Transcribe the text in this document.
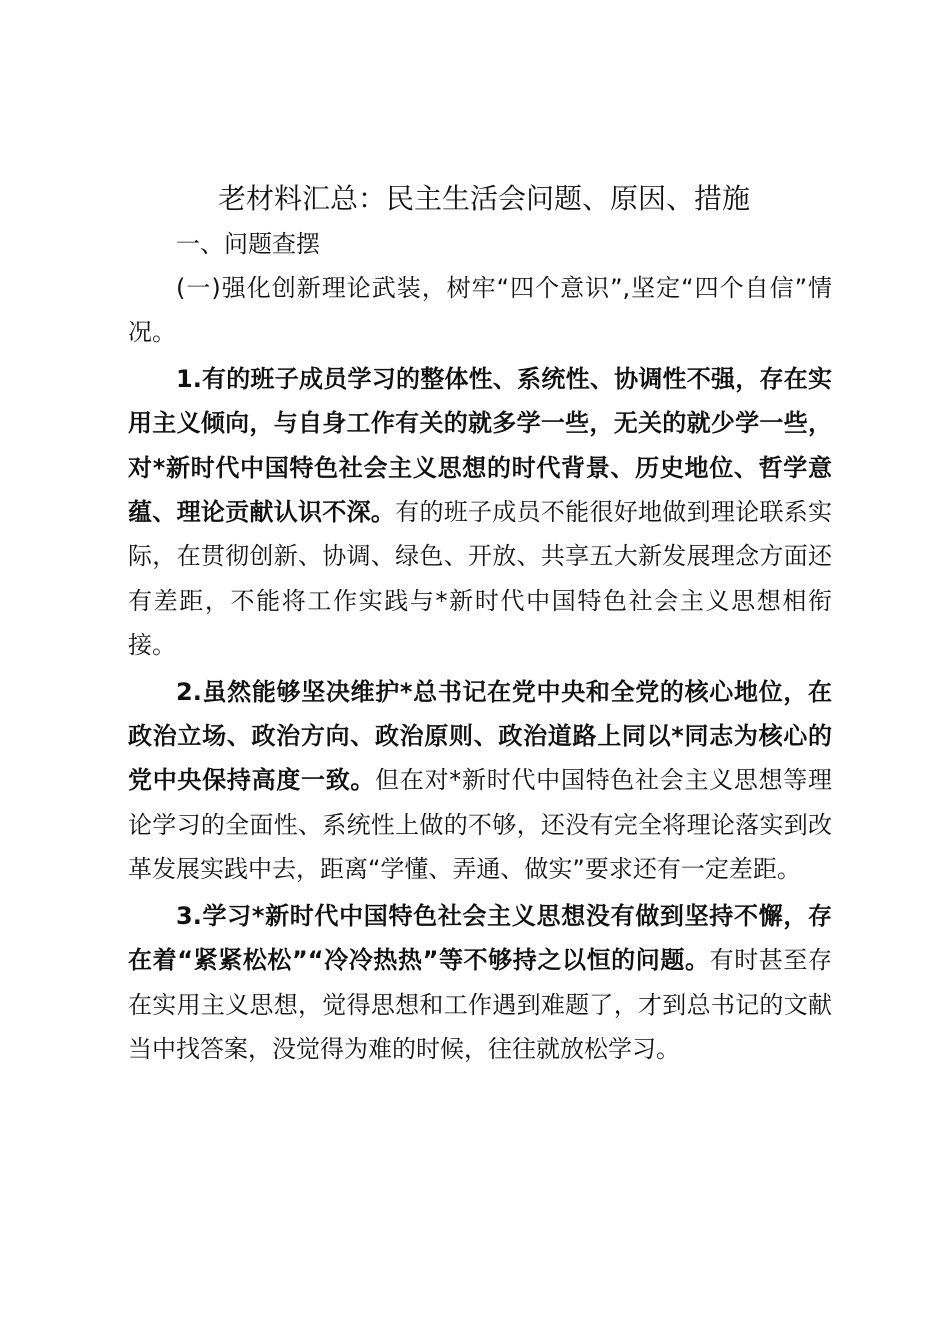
老材料汇总：民主生活会问题、原因、措施
一、问题查摆

(一)强化创新理论武装，树牢“四个意识”,坚定“四个自信”情况。

1.有的班子成员学习的整体性、系统性、协调性不强，存在实用主义倾向，与自身工作有关的就多学一些，无关的就少学一些，对*新时代中国特色社会主义思想的时代背景、历史地位、哲学意蕴、理论贡献认识不深。有的班子成员不能很好地做到理论联系实际，在贯彻创新、协调、绿色、开放、共享五大新发展理念方面还有差距，不能将工作实践与*新时代中国特色社会主义思想相衔接。

2.虽然能够坚决维护*总书记在党中央和全党的核心地位，在政治立场、政治方向、政治原则、政治道路上同以*同志为核心的党中央保持高度一致。但在对*新时代中国特色社会主义思想等理论学习的全面性、系统性上做的不够，还没有完全将理论落实到改革发展实践中去，距离“学懂、弄通、做实”要求还有一定差距。

3.学习*新时代中国特色社会主义思想没有做到坚持不懈，存在着“紧紧松松”“冷冷热热”等不够持之以恒的问题。有时甚至存在实用主义思想，觉得思想和工作遇到难题了，才到总书记的文献当中找答案，没觉得为难的时候，往往就放松学习。
